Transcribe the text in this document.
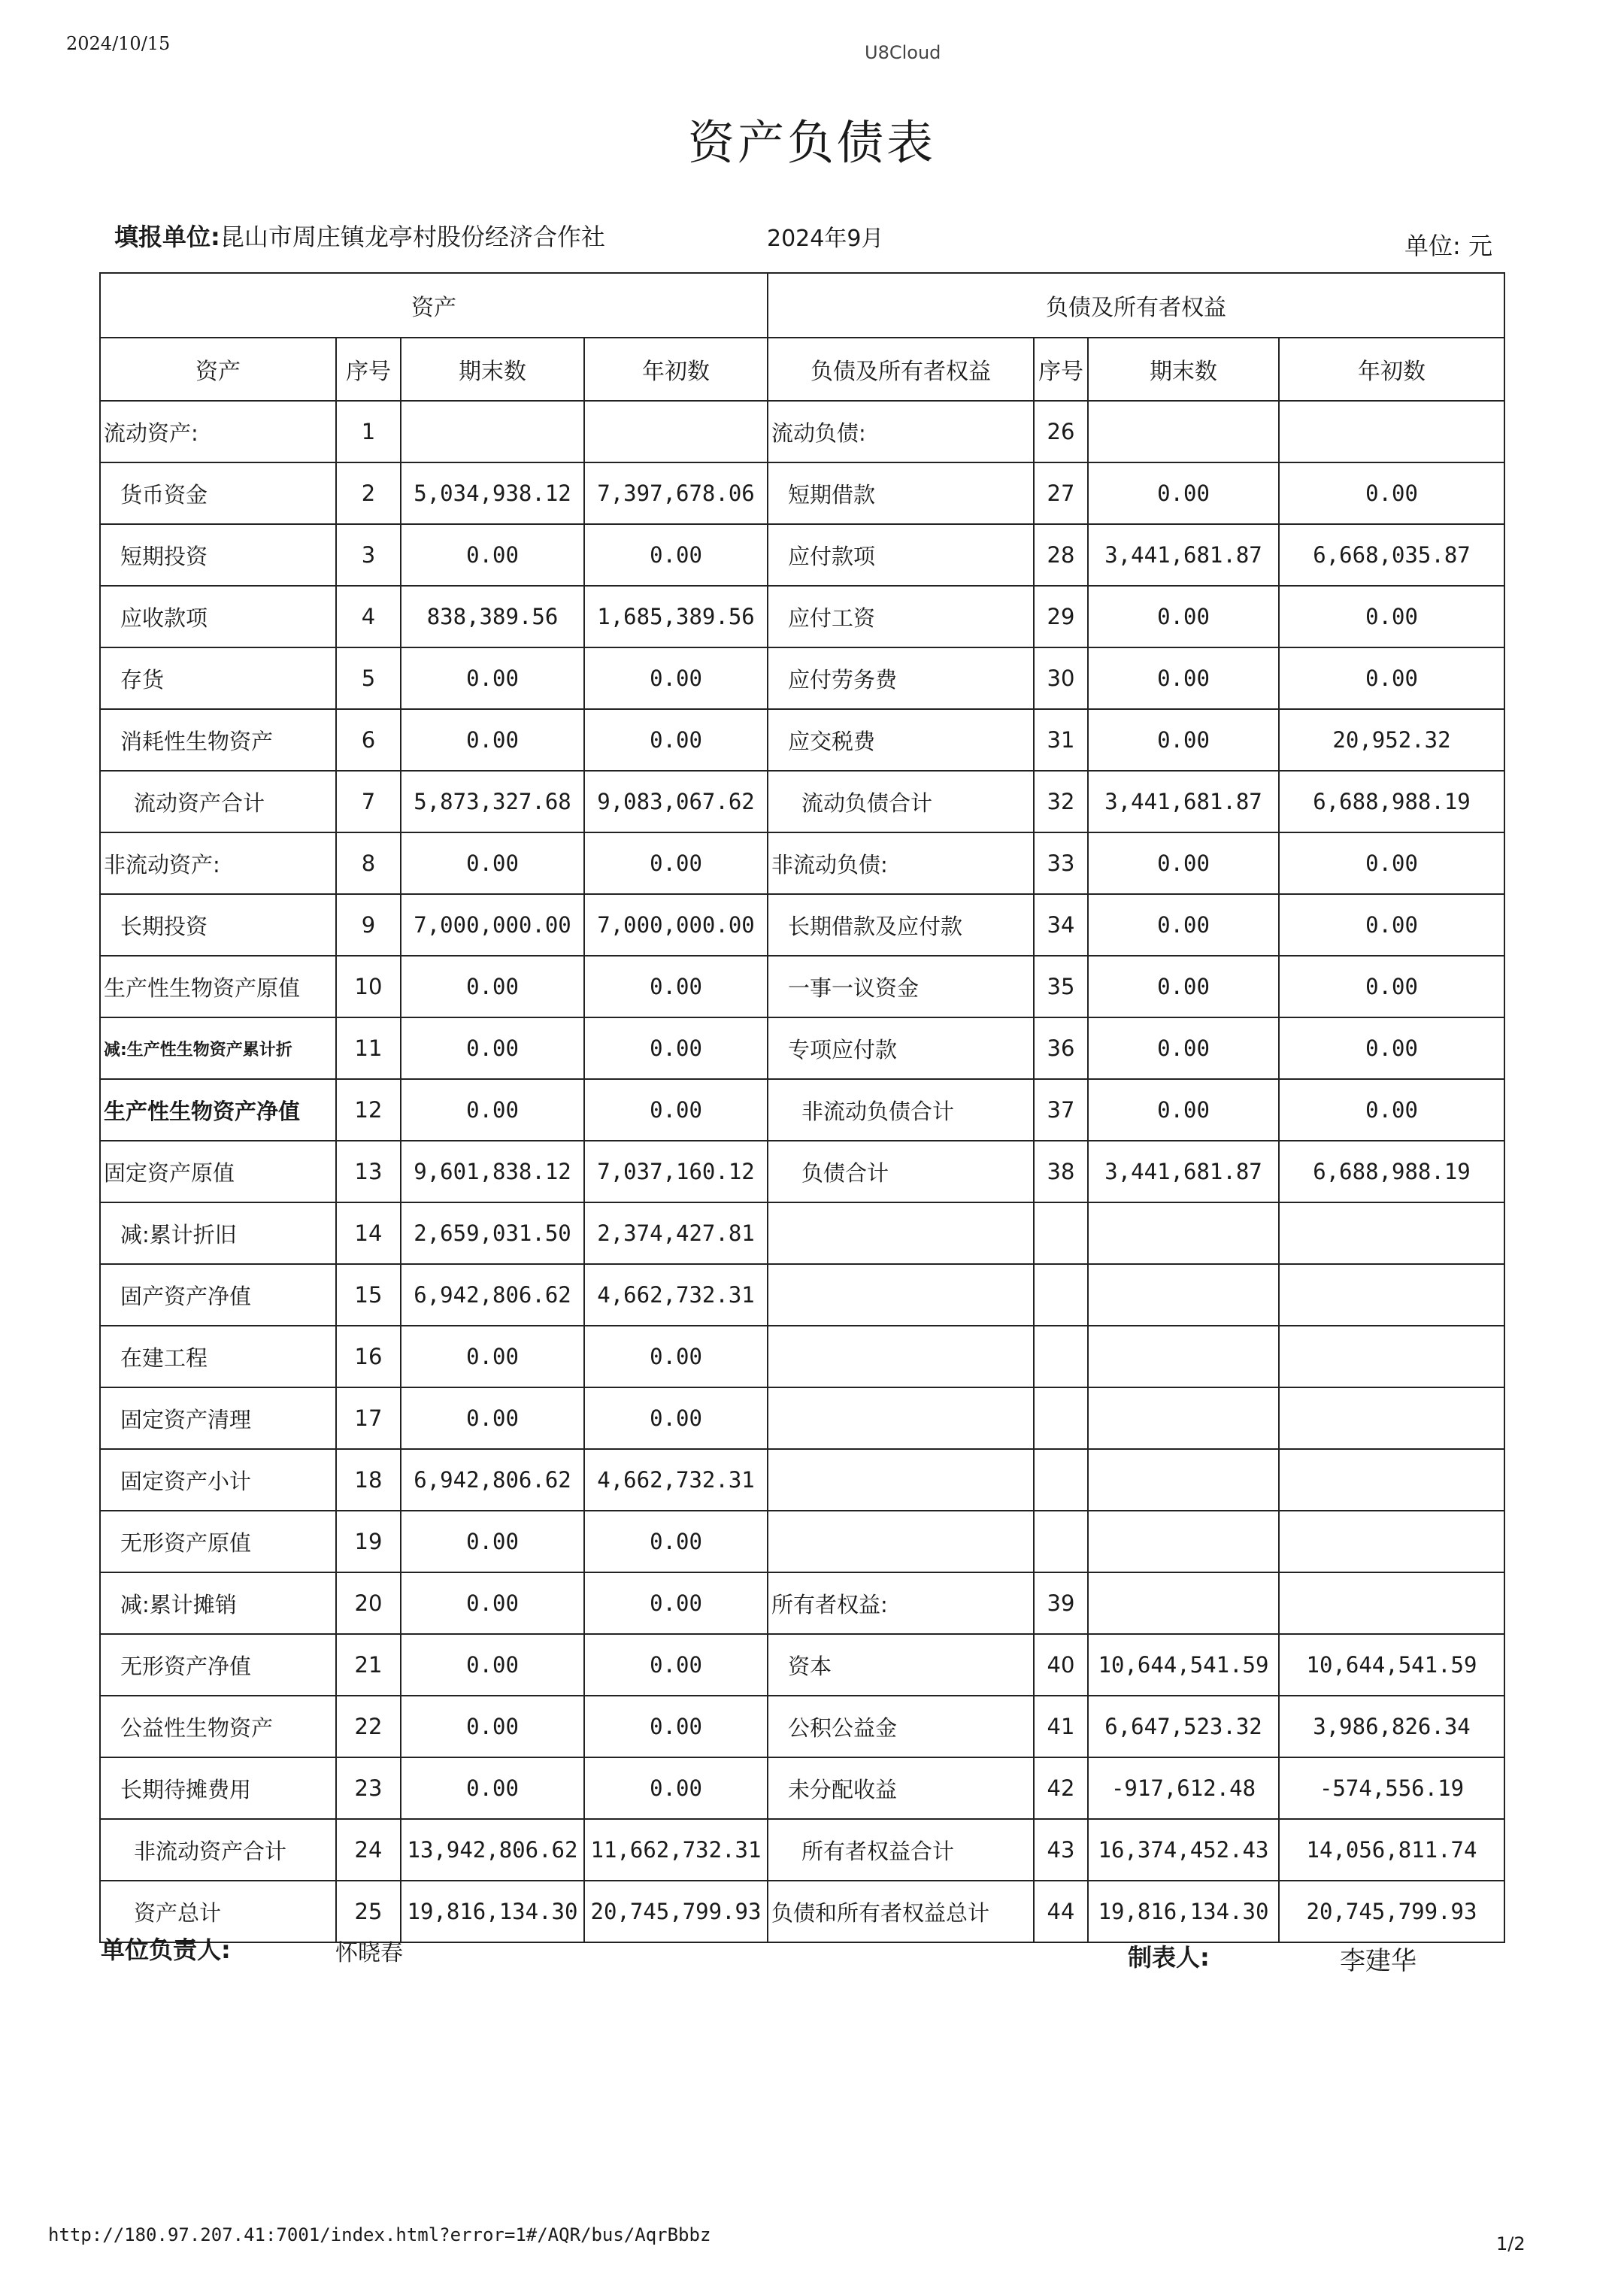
2024/10/15	U8Cloud
资产负债表
填报单位:昆山市周庄镇龙亭村股份经济合作社	2024年9月	单位: 元
资产				负债及所有者权益			
资产	序号	期末数	年初数	负债及所有者权益	序号	期末数	年初数
流动资产:	1			流动负债:	26		
货币资金	2	5,034,938.12	7,397,678.06	短期借款	27	0.00	0.00
短期投资	3	0.00	0.00	应付款项	28	3,441,681.87	6,668,035.87
应收款项	4	838,389.56	1,685,389.56	应付工资	29	0.00	0.00
存货	5	0.00	0.00	应付劳务费	30	0.00	0.00
消耗性生物资产	6	0.00	0.00	应交税费	31	0.00	20,952.32
流动资产合计	7	5,873,327.68	9,083,067.62	流动负债合计	32	3,441,681.87	6,688,988.19
非流动资产:	8	0.00	0.00	非流动负债:	33	0.00	0.00
长期投资	9	7,000,000.00	7,000,000.00	长期借款及应付款	34	0.00	0.00
生产性生物资产原值	10	0.00	0.00	一事一议资金	35	0.00	0.00
减:生产性生物资产累计折	11	0.00	0.00	专项应付款	36	0.00	0.00
生产性生物资产净值	12	0.00	0.00	非流动负债合计	37	0.00	0.00
固定资产原值	13	9,601,838.12	7,037,160.12	负债合计	38	3,441,681.87	6,688,988.19
减:累计折旧	14	2,659,031.50	2,374,427.81				
固产资产净值	15	6,942,806.62	4,662,732.31				
在建工程	16	0.00	0.00				
固定资产清理	17	0.00	0.00				
固定资产小计	18	6,942,806.62	4,662,732.31				
无形资产原值	19	0.00	0.00				
减:累计摊销	20	0.00	0.00	所有者权益:	39		
无形资产净值	21	0.00	0.00	资本	40	10,644,541.59	10,644,541.59
公益性生物资产	22	0.00	0.00	公积公益金	41	6,647,523.32	3,986,826.34
长期待摊费用	23	0.00	0.00	未分配收益	42	-917,612.48	-574,556.19
非流动资产合计	24	13,942,806.62	11,662,732.31	所有者权益合计	43	16,374,452.43	14,056,811.74
资产总计	25	19,816,134.30	20,745,799.93	负债和所有者权益总计	44	19,816,134.30	20,745,799.93
单位负责人:	怀晓春	制表人:	李建华
http://180.97.207.41:7001/index.html?error=1#/AQR/bus/AqrBbbz	1/2
